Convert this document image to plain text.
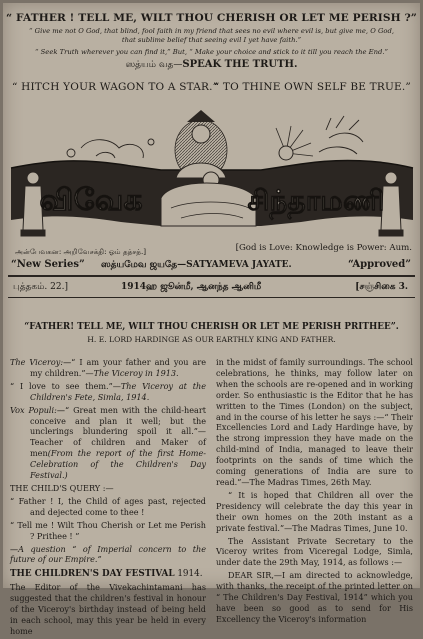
“ FATHER ! TELL ME, WILT THOU CHERISH OR LET ME PERISH ?”
“ Give me not O God, that blind, fool faith in my friend that sees no evil where evil is, but give me, O God,
that sublime belief that seeing evil I yet have faith.”
“ Seek Truth wherever you can find it,” But, “ Make your choice and stick to it till you reach the End.”
ஸத்யம் வத—SPEAK THE TRUTH.
“ HITCH YOUR WAGON TO A STAR.”
“ TO THINE OWN SELF BE TRUE.”
விவேக	சிந்தாமணி
அன்பேவகன: அறிவேசக்தி: ஓம் தத்சத்.]	[God is Love: Knowledge is Power: Aum.
“New Series” ஸத்யமேவ ஜயதே—SATYAMEVA JAYATE.	“Approved”
புத்தகம். 22.]	1914ஹ ஜூன்மீ, ஆனந்த ஆனிமீ	[சஞ்சிகை 3.
“FATHER! TELL ME, WILT THOU CHERISH OR LET ME PERISH PRITHEE”.
H. E. LORD HARDINGE AS OUR EARTHLY KING AND FATHER.

The Viceroy:—“ I am your father and you are my children.”—The Viceroy in 1913.

“ I love to see them.”—The Viceroy at the Children's Fete, Simla, 1914.

Vox Populi:—“ Great men with the child-heart conceive and plan it well; but the unclerings blundering spoil it all.”—Teacher of children and Maker of men(From the report of the first Home-Celebration of the Children's Day Festival.)

THE CHILD'S QUERY :—

“ Father ! I, the Child of ages past, rejected and dejected come to thee !

“ Tell me ! Wilt Thou Cherish or Let me Perish ? Prithee ! ”

—A question “ of Imperial concern to the future of our Empire.”

THE CHILDREN'S DAY FESTIVAL 1914.

The Editor of the Vivekachintamani has suggested that the children's festival in honour of the Viceroy's birthday instead of being held in each school, may this year be held in every home

in the midst of family surroundings. The school celebrations, he thinks, may follow later on when the schools are re-opened and in working order. So enthusiastic is the Editor that he has written to the Times (London) on the subject, and in the course of his letter he says :—“ Their Excellencies Lord and Lady Hardinge have, by the strong impression they have made on the child-mind of India, managed to leave their footprints on the sands of time which the coming generations of India are sure to read.”—The Madras Times, 26th May.

“ It is hoped that Children all over the Presidency will celebrate the day this year in their own homes on the 20th instant as a private festival.”—The Madras Times, June 10.

The Assistant Private Secretary to the Viceroy writes from Viceregal Lodge, Simla, under date the 29th May, 1914, as follows :—

DEAR SIR,—I am directed to acknowledge, with thanks, the receipt of the printed letter on “ The Children's Day Festival, 1914” which you have been so good as to send for His Excellency the Viceroy's information
